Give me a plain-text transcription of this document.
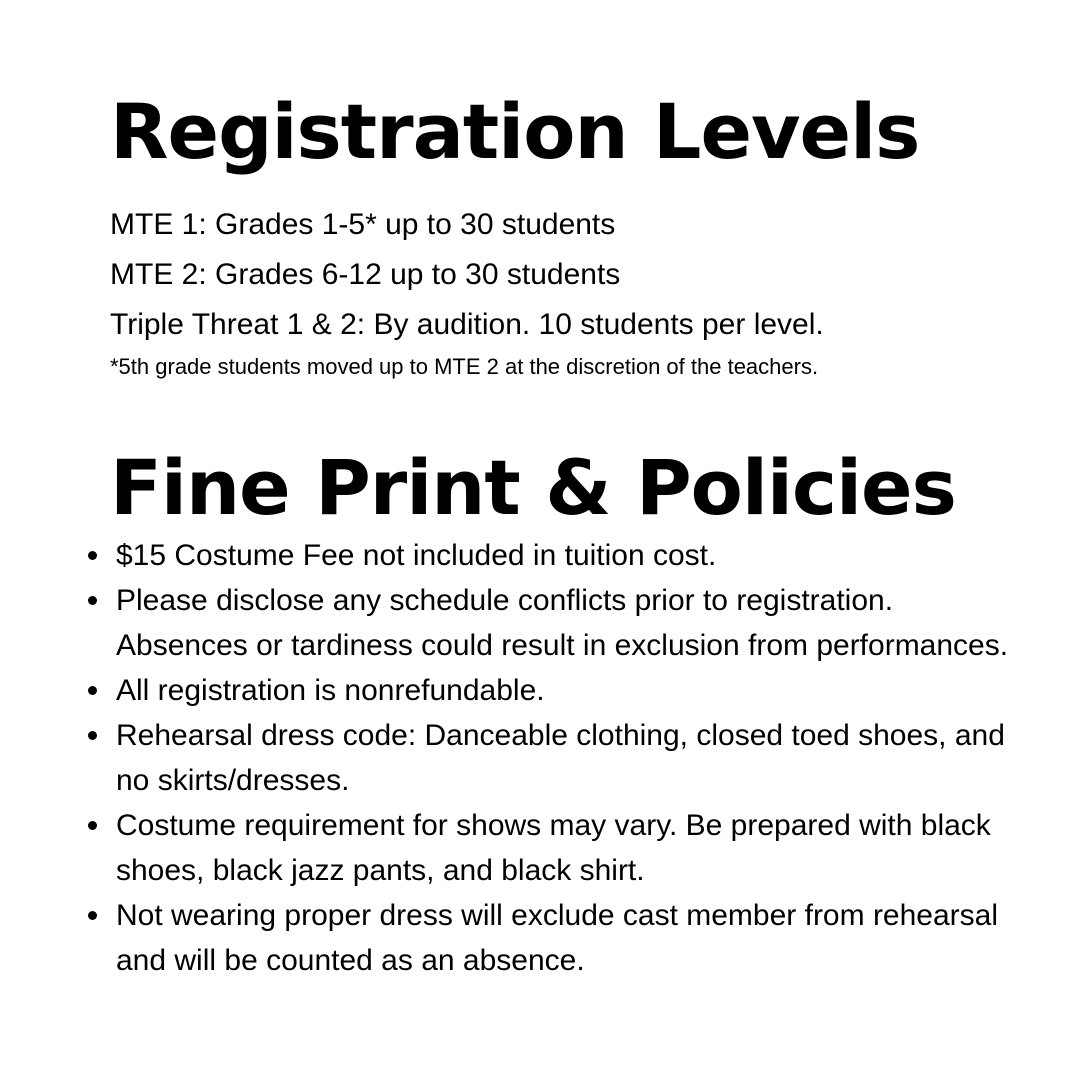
Registration Levels
MTE 1: Grades 1-5* up to 30 students
MTE 2: Grades 6-12 up to 30 students
Triple Threat 1 & 2: By audition. 10 students per level.

*5th grade students moved up to MTE 2 at the discretion of the teachers.

Fine Print & Policies
$15 Costume Fee not included in tuition cost.
Please disclose any schedule conflicts prior to registration. Absences or tardiness could result in exclusion from performances.
All registration is nonrefundable.
Rehearsal dress code: Danceable clothing, closed toed shoes, and no skirts/dresses.
Costume requirement for shows may vary. Be prepared with black shoes, black jazz pants, and black shirt.
Not wearing proper dress will exclude cast member from rehearsal and will be counted as an absence.
